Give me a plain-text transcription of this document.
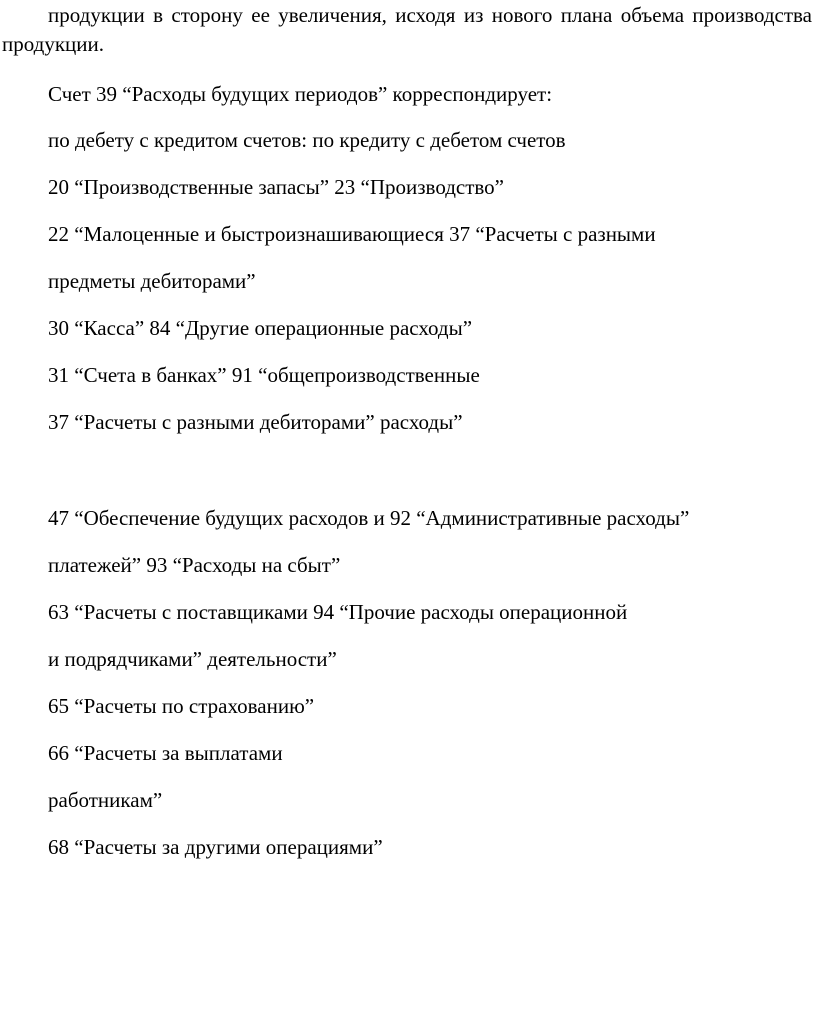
продукции в сторону ее увеличения, исходя из нового плана объема производства продукции.

Счет 39 “Расходы будущих периодов” корреспондирует:

по дебету с кредитом счетов: по кредиту с дебетом счетов

20 “Производственные запасы” 23 “Производство”

22 “Малоценные и быстроизнашивающиеся 37 “Расчеты с разными

предметы дебиторами”

30 “Касса” 84 “Другие операционные расходы”

31 “Счета в банках” 91 “общепроизводственные

37 “Расчеты с разными дебиторами” расходы”

47 “Обеспечение будущих расходов и 92 “Административные расходы”

платежей” 93 “Расходы на сбыт”

63 “Расчеты с поставщиками 94 “Прочие расходы операционной

и подрядчиками” деятельности”

65 “Расчеты по страхованию”

66 “Расчеты за выплатами

работникам”

68 “Расчеты за другими операциями”
